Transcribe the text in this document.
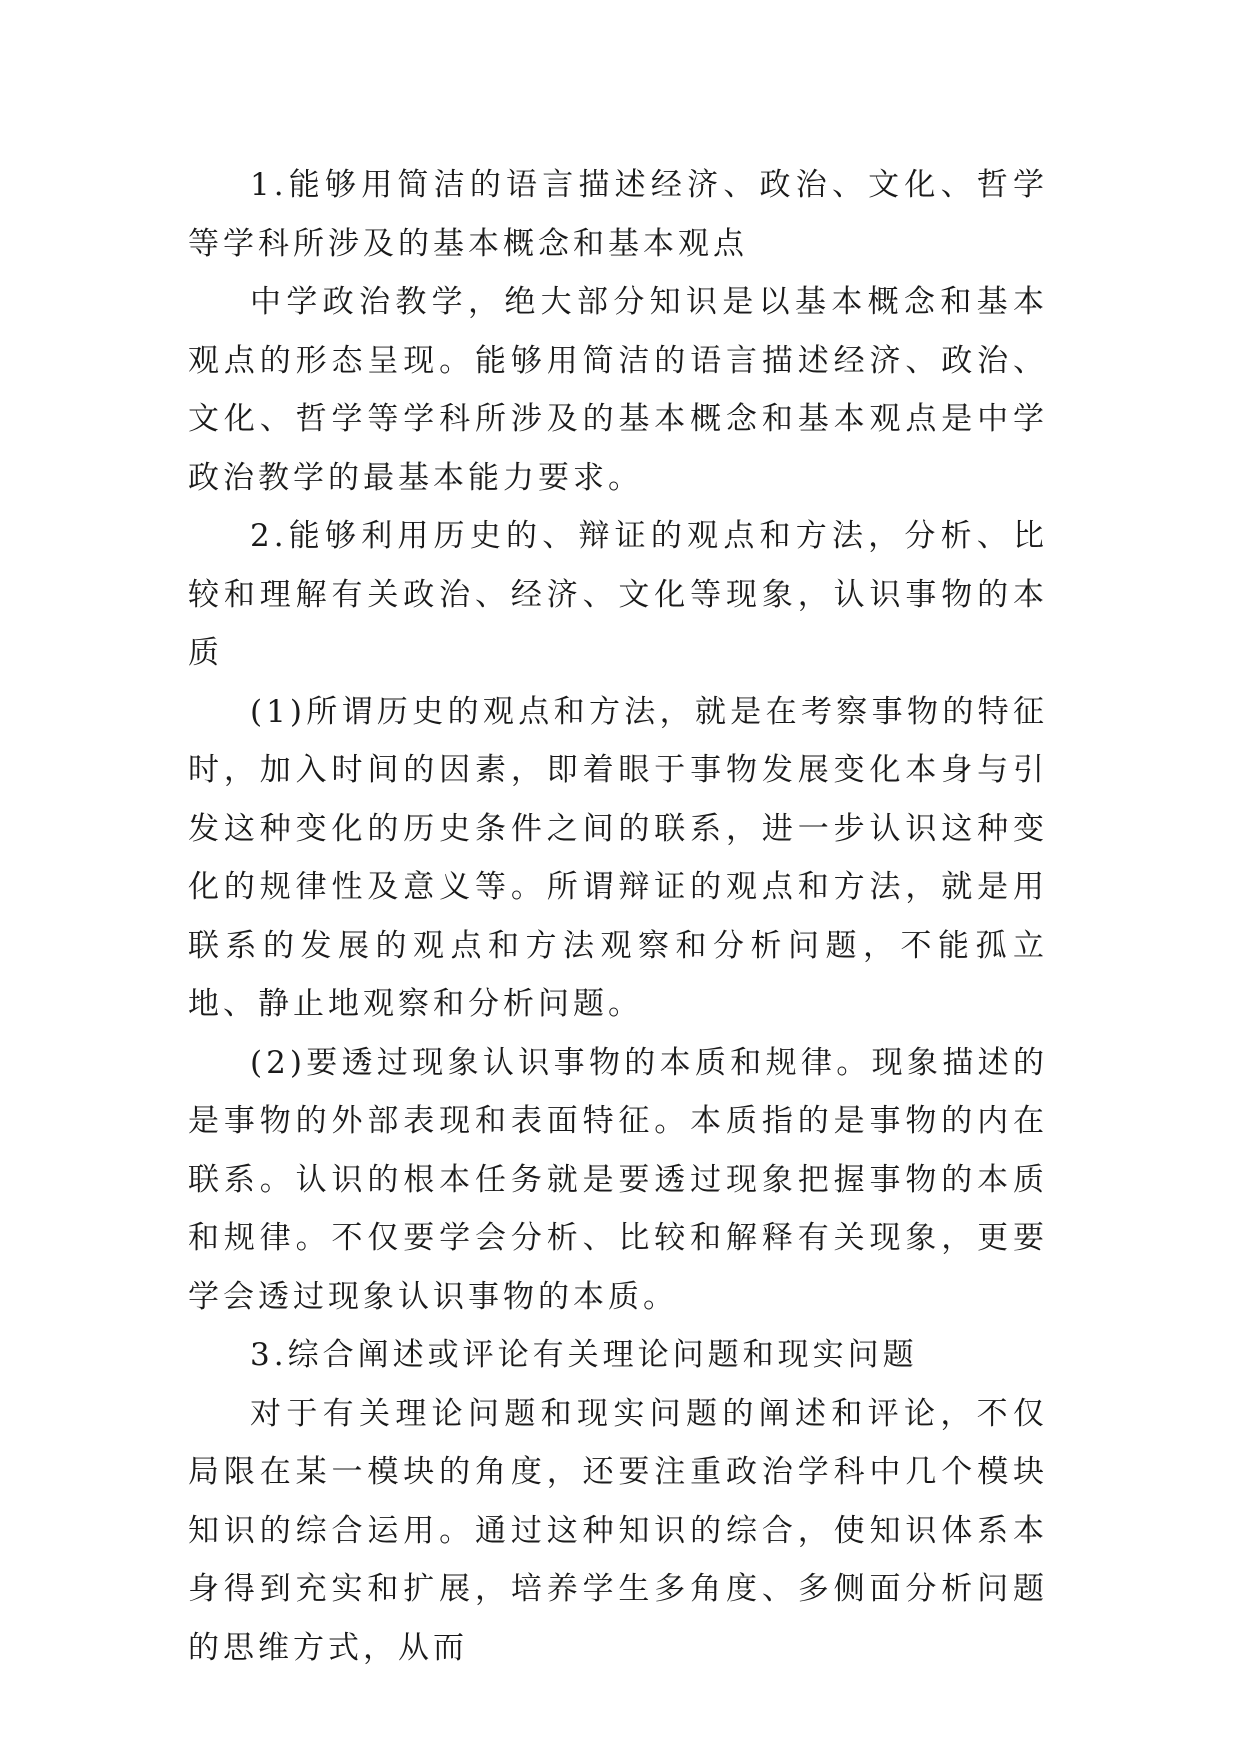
1.能够用简洁的语言描述经济、政治、文化、哲学等学科所涉及的基本概念和基本观点

中学政治教学，绝大部分知识是以基本概念和基本观点的形态呈现。能够用简洁的语言描述经济、政治、文化、哲学等学科所涉及的基本概念和基本观点是中学政治教学的最基本能力要求。

2.能够利用历史的、辩证的观点和方法，分析、比较和理解有关政治、经济、文化等现象，认识事物的本质

(1)所谓历史的观点和方法，就是在考察事物的特征时，加入时间的因素，即着眼于事物发展变化本身与引发这种变化的历史条件之间的联系，进一步认识这种变化的规律性及意义等。所谓辩证的观点和方法，就是用联系的发展的观点和方法观察和分析问题，不能孤立地、静止地观察和分析问题。

(2)要透过现象认识事物的本质和规律。现象描述的是事物的外部表现和表面特征。本质指的是事物的内在联系。认识的根本任务就是要透过现象把握事物的本质和规律。不仅要学会分析、比较和解释有关现象，更要学会透过现象认识事物的本质。

3.综合阐述或评论有关理论问题和现实问题

对于有关理论问题和现实问题的阐述和评论，不仅局限在某一模块的角度，还要注重政治学科中几个模块知识的综合运用。通过这种知识的综合，使知识体系本身得到充实和扩展，培养学生多角度、多侧面分析问题的思维方式，从而
